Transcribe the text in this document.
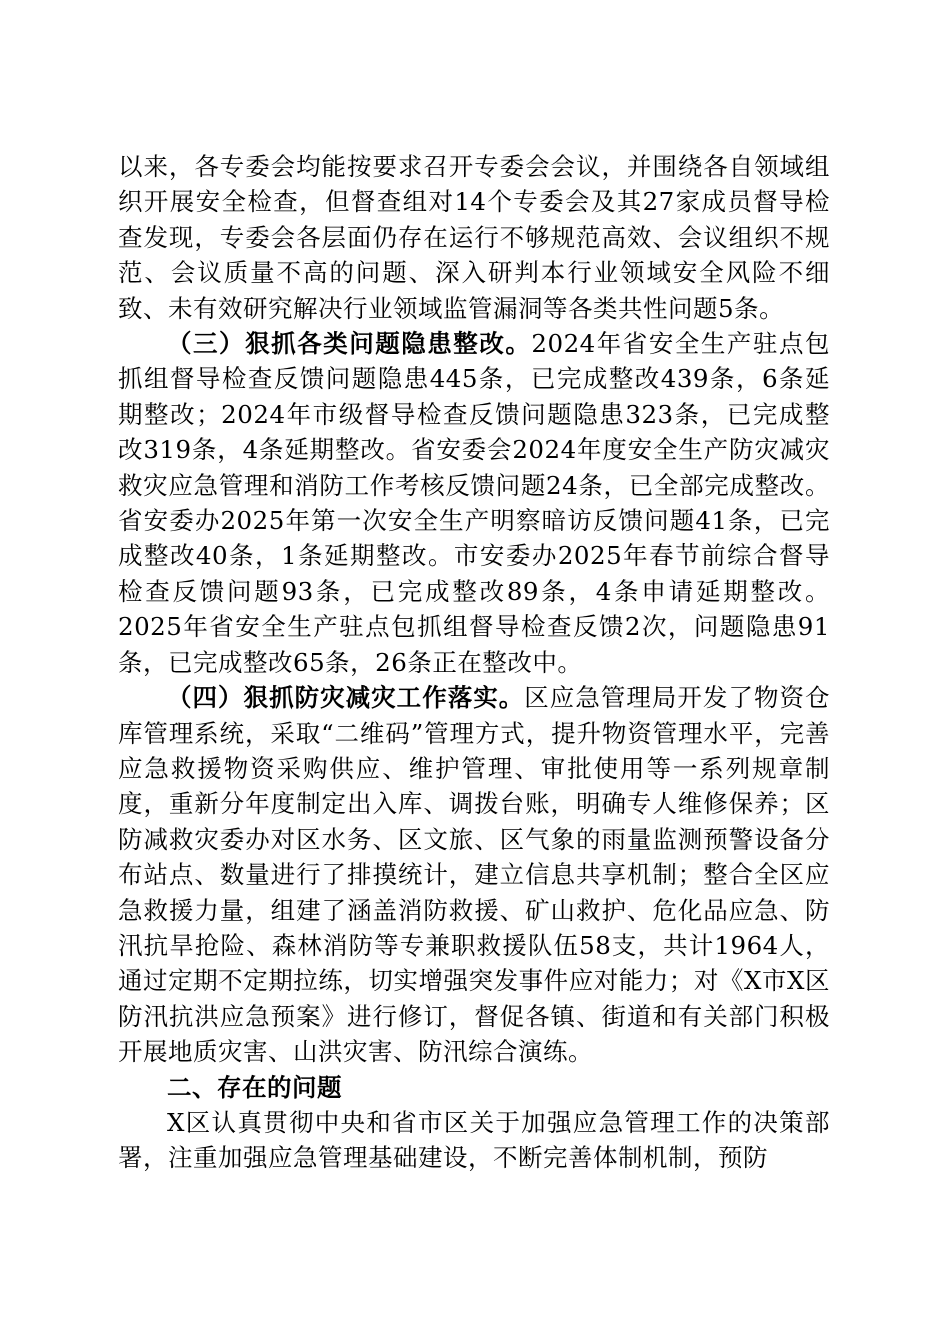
以来，各专委会均能按要求召开专委会会议，并围绕各自领域组织开展安全检查，但督查组对14个专委会及其27家成员督导检查发现，专委会各层面仍存在运行不够规范高效、会议组织不规范、会议质量不高的问题、深入研判本行业领域安全风险不细致、未有效研究解决行业领域监管漏洞等各类共性问题5条。

（三）狠抓各类问题隐患整改。2024年省安全生产驻点包抓组督导检查反馈问题隐患445条，已完成整改439条，6条延期整改；2024年市级督导检查反馈问题隐患323条，已完成整改319条，4条延期整改。省安委会2024年度安全生产防灾减灾救灾应急管理和消防工作考核反馈问题24条，已全部完成整改。省安委办2025年第一次安全生产明察暗访反馈问题41条，已完成整改40条，1条延期整改。市安委办2025年春节前综合督导检查反馈问题93条，已完成整改89条，4条申请延期整改。2025年省安全生产驻点包抓组督导检查反馈2次，问题隐患91条，已完成整改65条，26条正在整改中。

（四）狠抓防灾减灾工作落实。区应急管理局开发了物资仓库管理系统，采取“二维码”管理方式，提升物资管理水平，完善应急救援物资采购供应、维护管理、审批使用等一系列规章制度，重新分年度制定出入库、调拨台账，明确专人维修保养；区防减救灾委办对区水务、区文旅、区气象的雨量监测预警设备分布站点、数量进行了排摸统计，建立信息共享机制；整合全区应急救援力量，组建了涵盖消防救援、矿山救护、危化品应急、防汛抗旱抢险、森林消防等专兼职救援队伍58支，共计1964人，通过定期不定期拉练，切实增强突发事件应对能力；对《X市X区防汛抗洪应急预案》进行修订，督促各镇、街道和有关部门积极开展地质灾害、山洪灾害、防汛综合演练。

二、存在的问题

X区认真贯彻中央和省市区关于加强应急管理工作的决策部署，注重加强应急管理基础建设，不断完善体制机制，预防
